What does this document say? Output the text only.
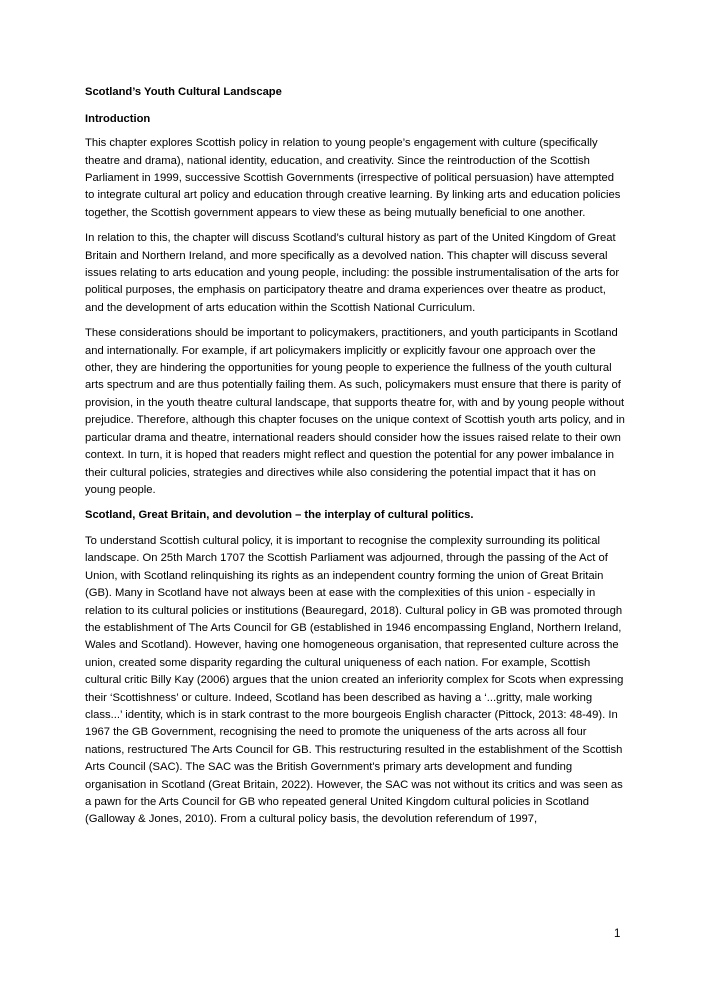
Scotland’s Youth Cultural Landscape

Introduction

This chapter explores Scottish policy in relation to young people’s engagement with culture (specifically theatre and drama), national identity, education, and creativity. Since the reintroduction of the Scottish Parliament in 1999, successive Scottish Governments (irrespective of political persuasion) have attempted to integrate cultural art policy and education through creative learning. By linking arts and education policies together, the Scottish government appears to view these as being mutually beneficial to one another.

In relation to this, the chapter will discuss Scotland’s cultural history as part of the United Kingdom of Great Britain and Northern Ireland, and more specifically as a devolved nation. This chapter will discuss several issues relating to arts education and young people, including: the possible instrumentalisation of the arts for political purposes, the emphasis on participatory theatre and drama experiences over theatre as product, and the development of arts education within the Scottish National Curriculum.

These considerations should be important to policymakers, practitioners, and youth participants in Scotland and internationally. For example, if art policymakers implicitly or explicitly favour one approach over the other, they are hindering the opportunities for young people to experience the fullness of the youth cultural arts spectrum and are thus potentially failing them. As such, policymakers must ensure that there is parity of provision, in the youth theatre cultural landscape, that supports theatre for, with and by young people without prejudice. Therefore, although this chapter focuses on the unique context of Scottish youth arts policy, and in particular drama and theatre, international readers should consider how the issues raised relate to their own context. In turn, it is hoped that readers might reflect and question the potential for any power imbalance in their cultural policies, strategies and directives while also considering the potential impact that it has on young people.

Scotland, Great Britain, and devolution – the interplay of cultural politics.

To understand Scottish cultural policy, it is important to recognise the complexity surrounding its political landscape. On 25th March 1707 the Scottish Parliament was adjourned, through the passing of the Act of Union, with Scotland relinquishing its rights as an independent country forming the union of Great Britain (GB). Many in Scotland have not always been at ease with the complexities of this union - especially in relation to its cultural policies or institutions (Beauregard, 2018). Cultural policy in GB was promoted through the establishment of The Arts Council for GB (established in 1946 encompassing England, Northern Ireland, Wales and Scotland). However, having one homogeneous organisation, that represented culture across the union, created some disparity regarding the cultural uniqueness of each nation. For example, Scottish cultural critic Billy Kay (2006) argues that the union created an inferiority complex for Scots when expressing their ‘Scottishness’ or culture. Indeed, Scotland has been described as having a ‘...gritty, male working class...’ identity, which is in stark contrast to the more bourgeois English character (Pittock, 2013: 48-49). In 1967 the GB Government, recognising the need to promote the uniqueness of the arts across all four nations, restructured The Arts Council for GB. This restructuring resulted in the establishment of the Scottish Arts Council (SAC). The SAC was the British Government's primary arts development and funding organisation in Scotland (Great Britain, 2022). However, the SAC was not without its critics and was seen as a pawn for the Arts Council for GB who repeated general United Kingdom cultural policies in Scotland (Galloway & Jones, 2010). From a cultural policy basis, the devolution referendum of 1997,

1
